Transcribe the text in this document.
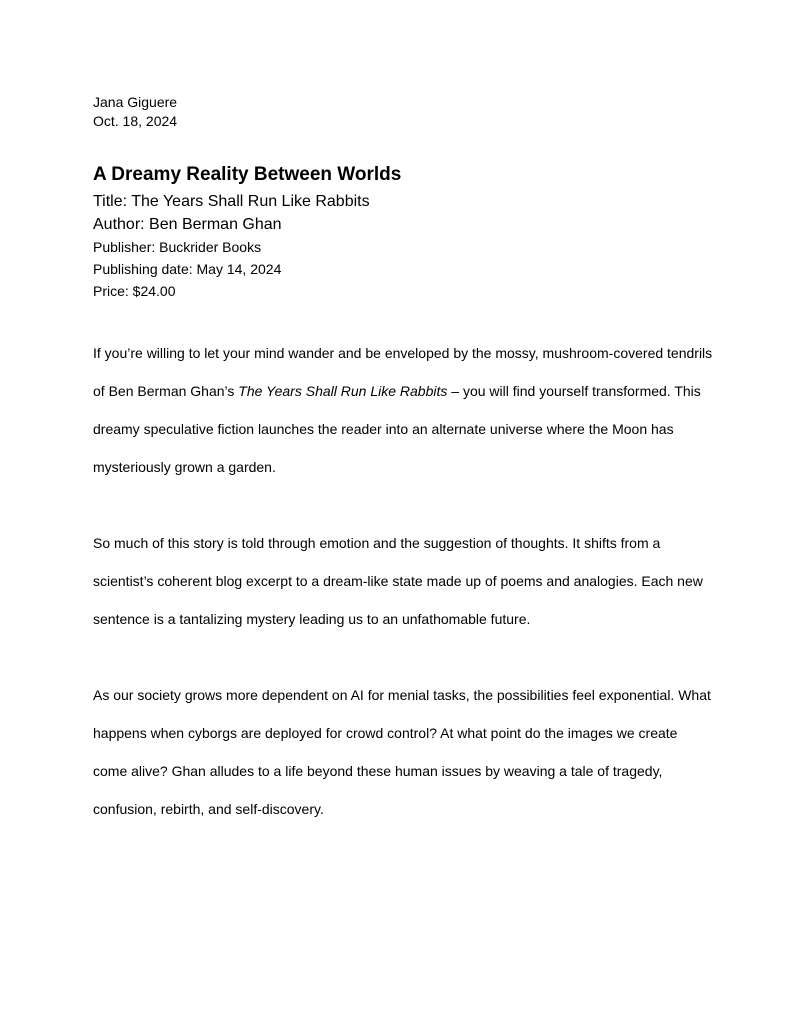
Jana Giguere

Oct. 18, 2024

A Dreamy Reality Between Worlds

Title: The Years Shall Run Like Rabbits

Author: Ben Berman Ghan

Publisher: Buckrider Books

Publishing date: May 14, 2024

Price: $24.00

If you’re willing to let your mind wander and be enveloped by the mossy, mushroom-covered tendrils of Ben Berman Ghan’s The Years Shall Run Like Rabbits – you will find yourself transformed. This dreamy speculative fiction launches the reader into an alternate universe where the Moon has mysteriously grown a garden.

So much of this story is told through emotion and the suggestion of thoughts. It shifts from a scientist’s coherent blog excerpt to a dream-like state made up of poems and analogies. Each new sentence is a tantalizing mystery leading us to an unfathomable future.

As our society grows more dependent on AI for menial tasks, the possibilities feel exponential. What happens when cyborgs are deployed for crowd control? At what point do the images we create come alive? Ghan alludes to a life beyond these human issues by weaving a tale of tragedy, confusion, rebirth, and self-discovery.
